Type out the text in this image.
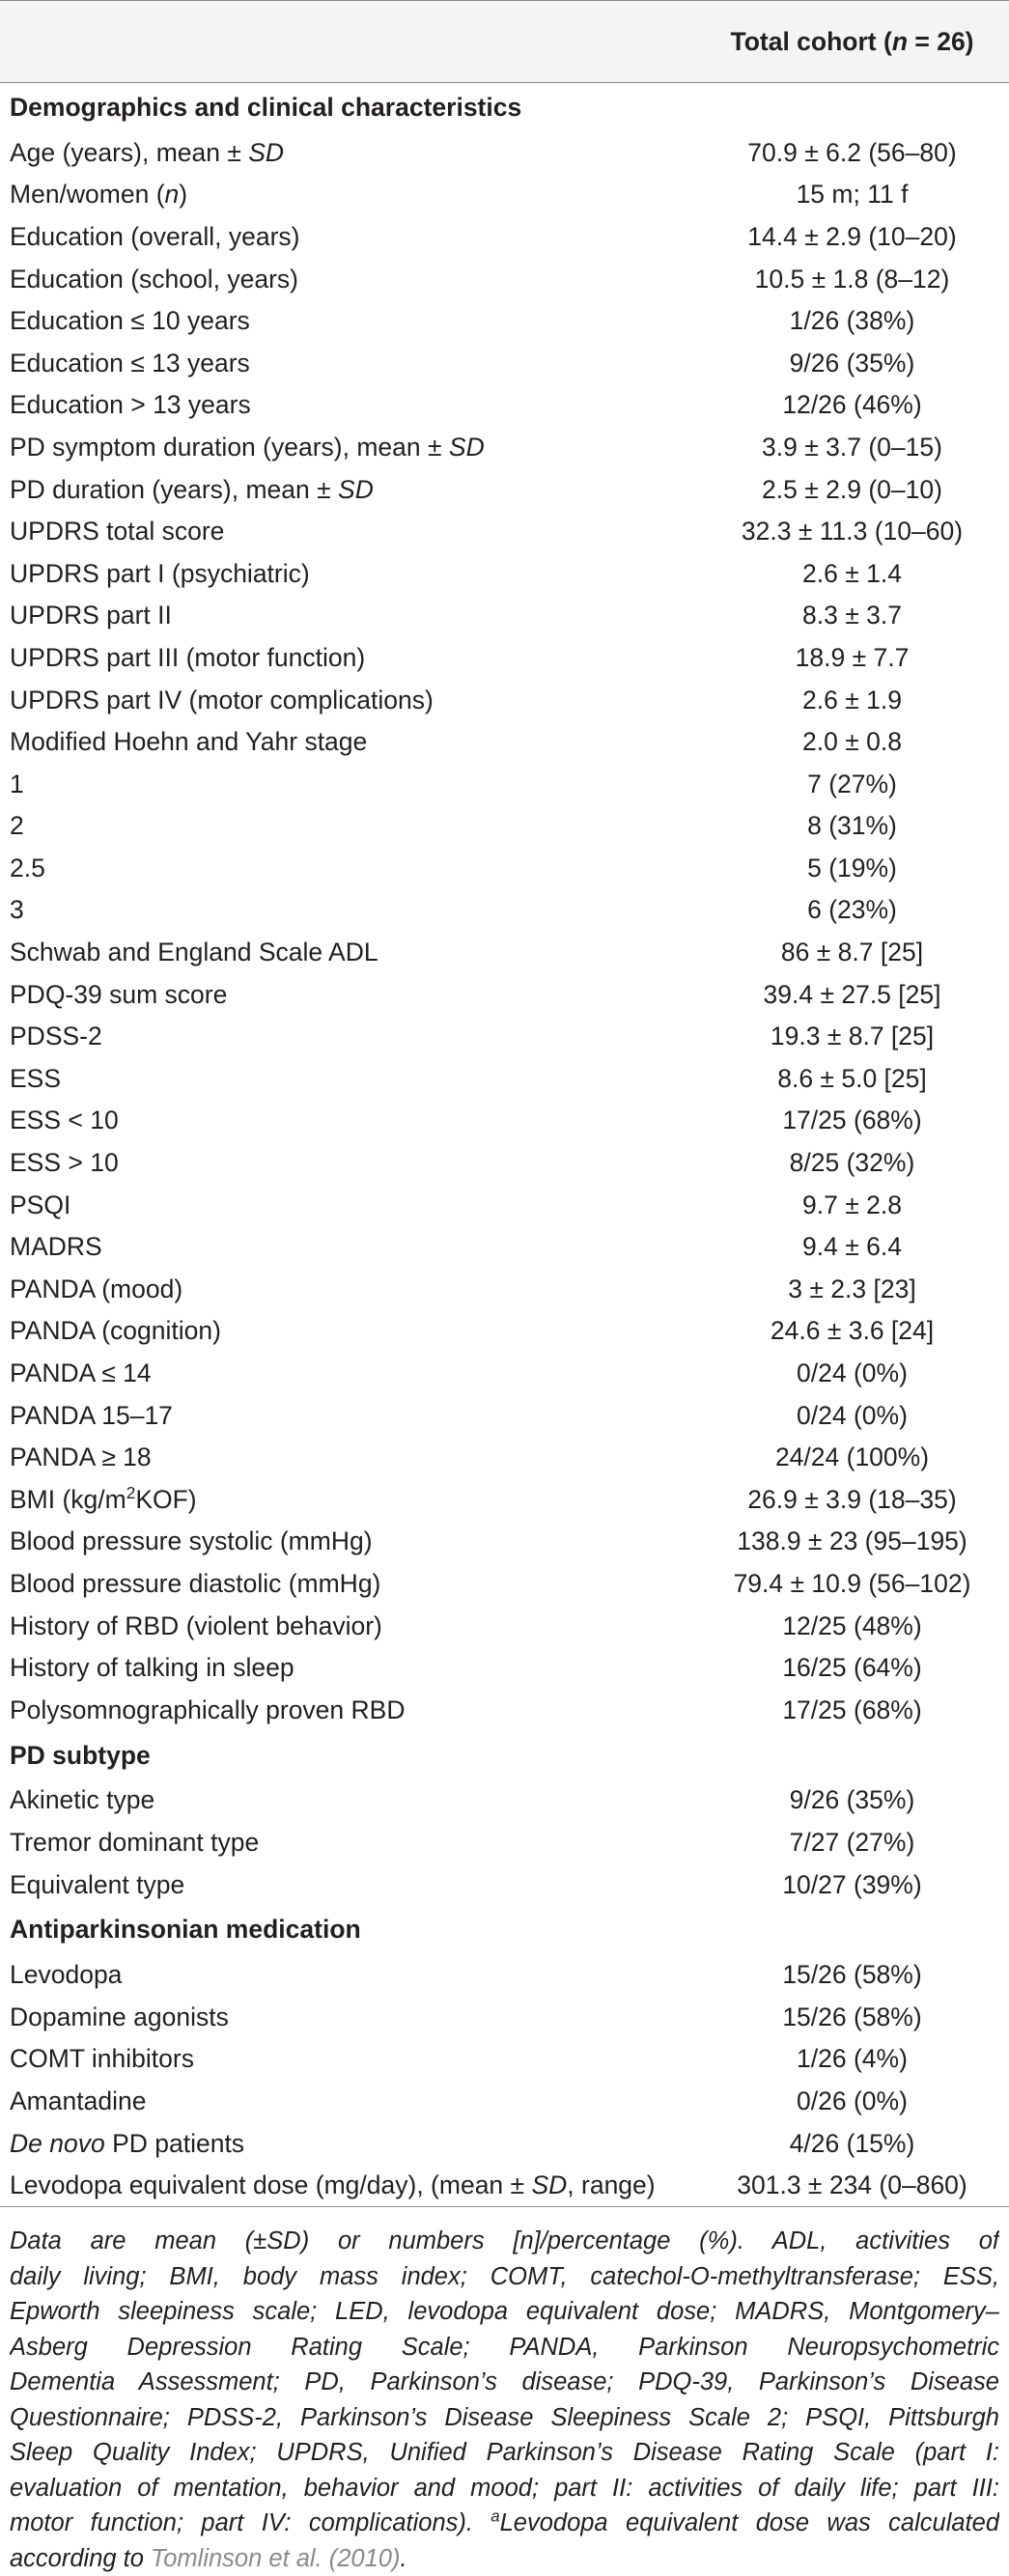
	Total cohort (n = 26)
Demographics and clinical characteristics	
Age (years), mean ± SD	70.9 ± 6.2 (56–80)
Men/women (n)	15 m; 11 f
Education (overall, years)	14.4 ± 2.9 (10–20)
Education (school, years)	10.5 ± 1.8 (8–12)
Education ≤ 10 years	1/26 (38%)
Education ≤ 13 years	9/26 (35%)
Education > 13 years	12/26 (46%)
PD symptom duration (years), mean ± SD	3.9 ± 3.7 (0–15)
PD duration (years), mean ± SD	2.5 ± 2.9 (0–10)
UPDRS total score	32.3 ± 11.3 (10–60)
UPDRS part I (psychiatric)	2.6 ± 1.4
UPDRS part II	8.3 ± 3.7
UPDRS part III (motor function)	18.9 ± 7.7
UPDRS part IV (motor complications)	2.6 ± 1.9
Modified Hoehn and Yahr stage	2.0 ± 0.8
1	7 (27%)
2	8 (31%)
2.5	5 (19%)
3	6 (23%)
Schwab and England Scale ADL	86 ± 8.7 [25]
PDQ-39 sum score	39.4 ± 27.5 [25]
PDSS-2	19.3 ± 8.7 [25]
ESS	8.6 ± 5.0 [25]
ESS < 10	17/25 (68%)
ESS > 10	8/25 (32%)
PSQI	9.7 ± 2.8
MADRS	9.4 ± 6.4
PANDA (mood)	3 ± 2.3 [23]
PANDA (cognition)	24.6 ± 3.6 [24]
PANDA ≤ 14	0/24 (0%)
PANDA 15–17	0/24 (0%)
PANDA ≥ 18	24/24 (100%)
BMI $(kg/m^2KOF)$	26.9 ± 3.9 (18–35)
Blood pressure systolic (mmHg)	138.9 ± 23 (95–195)
Blood pressure diastolic (mmHg)	79.4 ± 10.9 (56–102)
History of RBD (violent behavior)	12/25 (48%)
History of talking in sleep	16/25 (64%)
Polysomnographically proven RBD	17/25 (68%)
PD subtype	
Akinetic type	9/26 (35%)
Tremor dominant type	7/27 (27%)
Equivalent type	10/27 (39%)
Antiparkinsonian medication	
Levodopa	15/26 (58%)
Dopamine agonists	15/26 (58%)
COMT inhibitors	1/26 (4%)
Amantadine	0/26 (0%)
De novo PD patients	4/26 (15%)
Levodopa equivalent dose (mg/day), (mean ± SD, range)	301.3 ± 234 (0–860)
Data are mean (±SD) or numbers [n]/percentage (%). ADL, activities of
daily living; BMI, body mass index; COMT, catechol-O-methyltransferase; ESS,
Epworth sleepiness scale; LED, levodopa equivalent dose; MADRS, Montgomery–
Asberg Depression Rating Scale; PANDA, Parkinson Neuropsychometric
Dementia Assessment; PD, Parkinson’s disease; PDQ-39, Parkinson’s Disease
Questionnaire; PDSS-2, Parkinson’s Disease Sleepiness Scale 2; PSQI, Pittsburgh
Sleep Quality Index; UPDRS, Unified Parkinson’s Disease Rating Scale (part I:
evaluation of mentation, behavior and mood; part II: activities of daily life; part III:
motor function; part IV: complications). $^a$Levodopa equivalent dose was calculated
according to Tomlinson et al. (2010).
